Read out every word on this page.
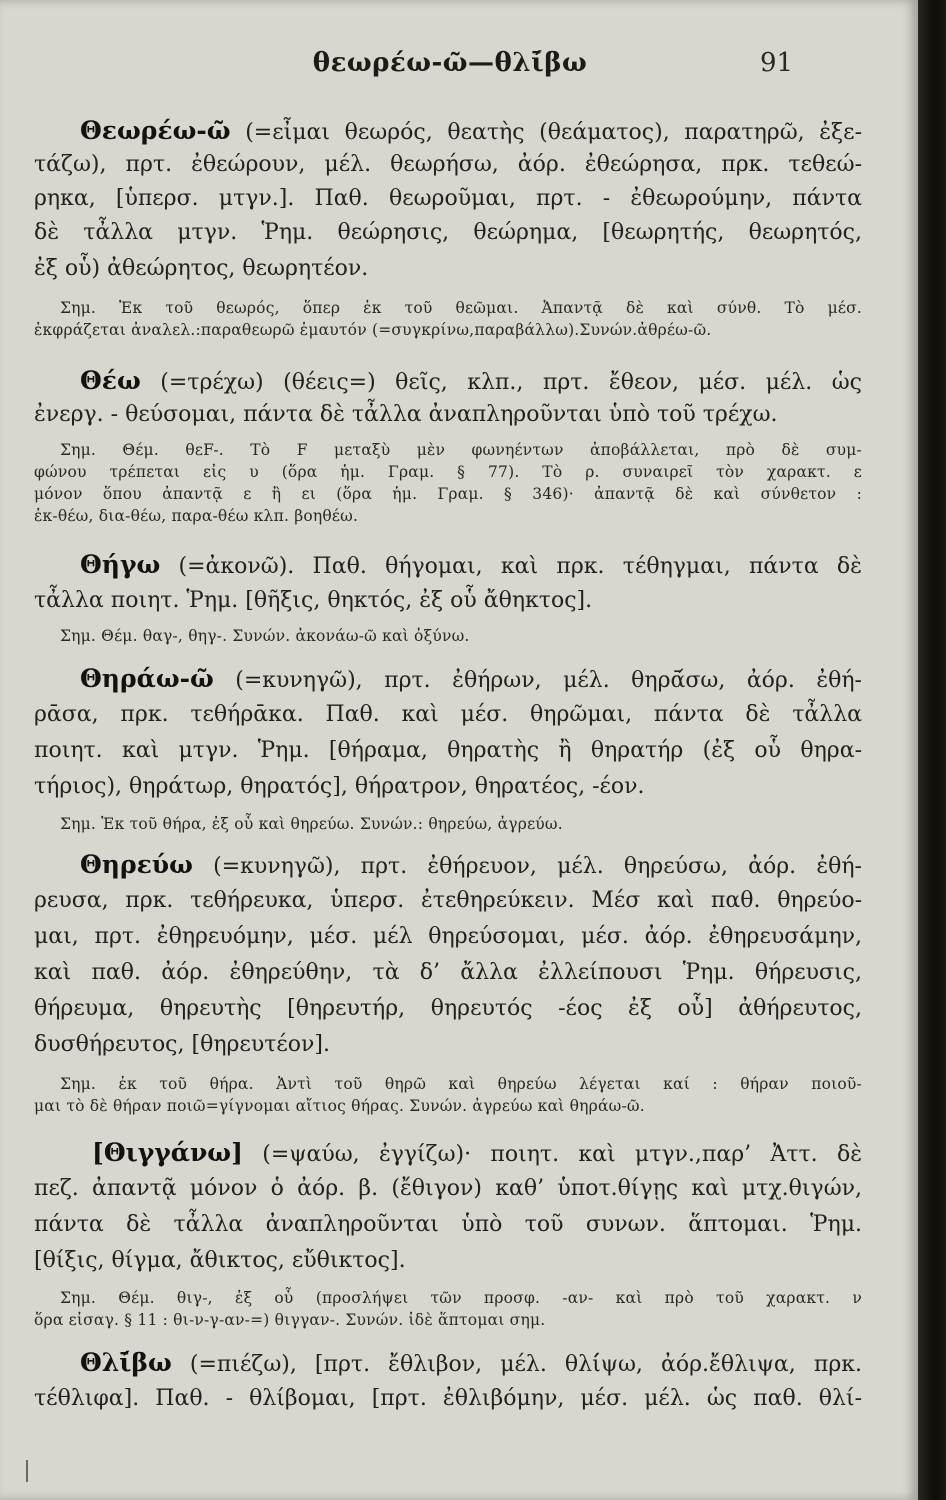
θεωρέω-ῶ—θλῑ́βω	91
Θεωρέω-ῶ (=εἶμαι θεωρός, θεατὴς (θεάματος), παρατηρῶ, ἐξε-
τάζω), πρτ. ἐθεώρουν, μέλ. θεωρήσω, ἀόρ. ἐθεώρησα, πρκ. τεθεώ-
ρηκα, [ὑπερσ. μτγν.]. Παθ. θεωροῦμαι, πρτ. - ἐθεωρούμην, πάντα
δὲ τἆλλα μτγν. Ῥημ. θεώρησις, θεώρημα, [θεωρητής, θεωρητός,
ἐξ οὗ) ἀθεώρητος, θεωρητέον.
Σημ. Ἐκ τοῦ θεωρός, ὅπερ ἐκ τοῦ θεῶμαι. Ἀπαντᾷ δὲ καὶ σύνθ. Τὸ μέσ.
ἐκφράζεται ἀναλελ.:παραθεωρῶ ἐμαυτόν (=συγκρίνω,παραβάλλω).Συνών.ἀθρέω-ῶ.
Θέω (=τρέχω) (θέεις=) θεῖς, κλπ., πρτ. ἔθεον, μέσ. μέλ. ὡς
ἐνεργ. - θεύσομαι, πάντα δὲ τἆλλα ἀναπληροῦνται ὑπὸ τοῦ τρέχω.
Σημ. Θέμ. θεF-. Τὸ F μεταξὺ μὲν φωνηέντων ἀποβάλλεται, πρὸ δὲ συμ-
φώνου τρέπεται εἰς υ (ὅρα ἡμ. Γραμ. § 77). Τὸ ρ. συναιρεῖ τὸν χαρακτ. ε
μόνον ὅπου ἀπαντᾷ ε ἢ ει (ὅρα ἡμ. Γραμ. § 346)· ἀπαντᾷ δὲ καὶ σύνθετον :
ἐκ-θέω, δια-θέω, παρα-θέω κλπ. βοηθέω.
Θήγω (=ἀκονῶ). Παθ. θήγομαι, καὶ πρκ. τέθηγμαι, πάντα δὲ
τἆλλα ποιητ. Ῥημ. [θῆξις, θηκτός, ἐξ οὗ ἄθηκτος].
Σημ. Θέμ. θαγ-, θηγ-. Συνών. ἀκονάω-ῶ καὶ ὀξύνω.
Θηράω-ῶ (=κυνηγῶ), πρτ. ἐθήρων, μέλ. θηρᾱ́σω, ἀόρ. ἐθή-
ρᾱσα, πρκ. τεθήρᾱκα. Παθ. καὶ μέσ. θηρῶμαι, πάντα δὲ τἆλλα
ποιητ. καὶ μτγν. Ῥημ. [θήραμα, θηρατὴς ἢ θηρατήρ (ἐξ οὗ θηρα-
τήριος), θηράτωρ, θηρατός], θήρατρον, θηρατέος, -έον.
Σημ. Ἐκ τοῦ θήρα, ἐξ οὗ καὶ θηρεύω. Συνών.: θηρεύω, ἀγρεύω.
Θηρεύω (=κυνηγῶ), πρτ. ἐθήρευον, μέλ. θηρεύσω, ἀόρ. ἐθή-
ρευσα, πρκ. τεθήρευκα, ὑπερσ. ἐτεθηρεύκειν. Μέσ καὶ παθ. θηρεύο-
μαι, πρτ. ἐθηρευόμην, μέσ. μέλ θηρεύσομαι, μέσ. ἀόρ. ἐθηρευσάμην,
καὶ παθ. ἀόρ. ἐθηρεύθην, τὰ δ’ ἄλλα ἐλλείπουσι Ῥημ. θήρευσις,
θήρευμα, θηρευτὴς [θηρευτήρ, θηρευτός -έος ἐξ οὗ] ἀθήρευτος,
δυσθήρευτος, [θηρευτέον].
Σημ. ἐκ τοῦ θήρα. Ἀντὶ τοῦ θηρῶ καὶ θηρεύω λέγεται καί : θήραν ποιοῦ-
μαι τὸ δὲ θήραν ποιῶ=γίγνομαι αἴτιος θήρας. Συνών. ἀγρεύω καὶ θηράω-ῶ.
[Θιγγάνω] (=ψαύω, ἐγγίζω)· ποιητ. καὶ μτγν.,παρ’ Ἀττ. δὲ
πεζ. ἀπαντᾷ μόνον ὁ ἀόρ. β. (ἔθιγον) καθ’ ὑποτ.θίγῃς καὶ μτχ.θιγών,
πάντα δὲ τἆλλα ἀναπληροῦνται ὑπὸ τοῦ συνων. ἅπτομαι. Ῥημ.
[θίξις, θίγμα, ἄθικτος, εὔθικτος].
Σημ. Θέμ. θιγ-, ἐξ οὗ (προσλήψει τῶν προσφ. -αν- καὶ πρὸ τοῦ χαρακτ. ν
ὅρα εἰσαγ. § 11 : θι-ν-γ-αν-=) θιγγαν-. Συνών. ἰδὲ ἅπτομαι σημ.
Θλῑ́βω (=πιέζω), [πρτ. ἔθλιβον, μέλ. θλί́ψω, ἀόρ.ἔθλιψα, πρκ.
τέθλιφα]. Παθ. - θλίβομαι, [πρτ. ἐθλιβόμην, μέσ. μέλ. ὡς παθ. θλί-
